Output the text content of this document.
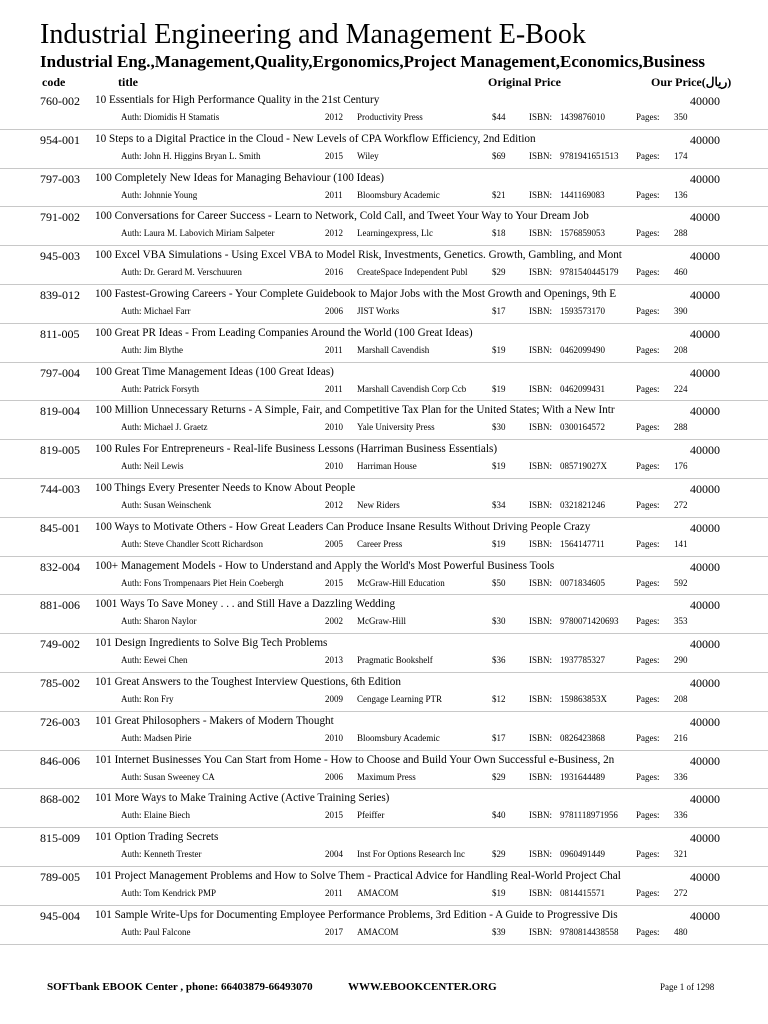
Industrial Engineering and Management E-Book
Industrial Eng.,Management,Quality,Ergonomics,Project Management,Economics,Business
code	title	Original Price	Our Price(ریال)
760-002 10 Essentials for High Performance Quality in the 21st Century	40000
Auth: Diomidis H Stamatis	2012 Productivity Press	$44	ISBN: 1439876010	Pages: 350
954-001 10 Steps to a Digital Practice in the Cloud - New Levels of CPA Workflow Efficiency, 2nd Edition	40000
Auth: John H. Higgins Bryan L. Smith	2015 Wiley	$69	ISBN: 9781941651513	Pages: 174
797-003 100 Completely New Ideas for Managing Behaviour (100 Ideas)	40000
Auth: Johnnie Young	2011 Bloomsbury Academic	$21	ISBN: 1441169083	Pages: 136
791-002 100 Conversations for Career Success - Learn to Network, Cold Call, and Tweet Your Way to Your Dream Job	40000
Auth: Laura M. Labovich Miriam Salpeter	2012 Learningexpress, Llc	$18	ISBN: 1576859053	Pages: 288
945-003 100 Excel VBA Simulations - Using Excel VBA to Model Risk, Investments, Genetics. Growth, Gambling, and Mont	40000
Auth: Dr. Gerard M. Verschuuren	2016 CreateSpace Independent Publ	$29	ISBN: 9781540445179	Pages: 460
839-012 100 Fastest-Growing Careers - Your Complete Guidebook to Major Jobs with the Most Growth and Openings, 9th E	40000
Auth: Michael Farr	2006 JIST Works	$17	ISBN: 1593573170	Pages: 390
811-005 100 Great PR Ideas - From Leading Companies Around the World (100 Great Ideas)	40000
Auth: Jim Blythe	2011 Marshall Cavendish	$19	ISBN: 0462099490	Pages: 208
797-004 100 Great Time Management Ideas (100 Great Ideas)	40000
Auth: Patrick Forsyth	2011 Marshall Cavendish Corp Ccb	$19	ISBN: 0462099431	Pages: 224
819-004 100 Million Unnecessary Returns - A Simple, Fair, and Competitive Tax Plan for the United States; With a New Intr	40000
Auth: Michael J. Graetz	2010 Yale University Press	$30	ISBN: 0300164572	Pages: 288
819-005 100 Rules For Entrepreneurs - Real-life Business Lessons (Harriman Business Essentials)	40000
Auth: Neil Lewis	2010 Harriman House	$19	ISBN: 085719027X	Pages: 176
744-003 100 Things Every Presenter Needs to Know About People	40000
Auth: Susan Weinschenk	2012 New Riders	$34	ISBN: 0321821246	Pages: 272
845-001 100 Ways to Motivate Others - How Great Leaders Can Produce Insane Results Without Driving People Crazy	40000
Auth: Steve Chandler Scott Richardson	2005 Career Press	$19	ISBN: 1564147711	Pages: 141
832-004 100+ Management Models - How to Understand and Apply the World's Most Powerful Business Tools	40000
Auth: Fons Trompenaars Piet Hein Coebergh	2015 McGraw-Hill Education	$50	ISBN: 0071834605	Pages: 592
881-006 1001 Ways To Save Money . . . and Still Have a Dazzling Wedding	40000
Auth: Sharon Naylor	2002 McGraw-Hill	$30	ISBN: 9780071420693	Pages: 353
749-002 101 Design Ingredients to Solve Big Tech Problems	40000
Auth: Eewei Chen	2013 Pragmatic Bookshelf	$36	ISBN: 1937785327	Pages: 290
785-002 101 Great Answers to the Toughest Interview Questions, 6th Edition	40000
Auth: Ron Fry	2009 Cengage Learning PTR	$12	ISBN: 159863853X	Pages: 208
726-003 101 Great Philosophers - Makers of Modern Thought	40000
Auth: Madsen Pirie	2010 Bloomsbury Academic	$17	ISBN: 0826423868	Pages: 216
846-006 101 Internet Businesses You Can Start from Home - How to Choose and Build Your Own Successful e-Business, 2n	40000
Auth: Susan Sweeney CA	2006 Maximum Press	$29	ISBN: 1931644489	Pages: 336
868-002 101 More Ways to Make Training Active (Active Training Series)	40000
Auth: Elaine Biech	2015 Pfeiffer	$40	ISBN: 9781118971956	Pages: 336
815-009 101 Option Trading Secrets	40000
Auth: Kenneth Trester	2004 Inst For Options Research Inc	$29	ISBN: 0960491449	Pages: 321
789-005 101 Project Management Problems and How to Solve Them - Practical Advice for Handling Real-World Project Chal	40000
Auth: Tom Kendrick PMP	2011 AMACOM	$19	ISBN: 0814415571	Pages: 272
945-004 101 Sample Write-Ups for Documenting Employee Performance Problems, 3rd Edition - A Guide to Progressive Dis	40000
Auth: Paul Falcone	2017 AMACOM	$39	ISBN: 9780814438558	Pages: 480
SOFTbank EBOOK Center , phone: 66403879-66493070	WWW.EBOOKCENTER.ORG	Page 1 of 1298
